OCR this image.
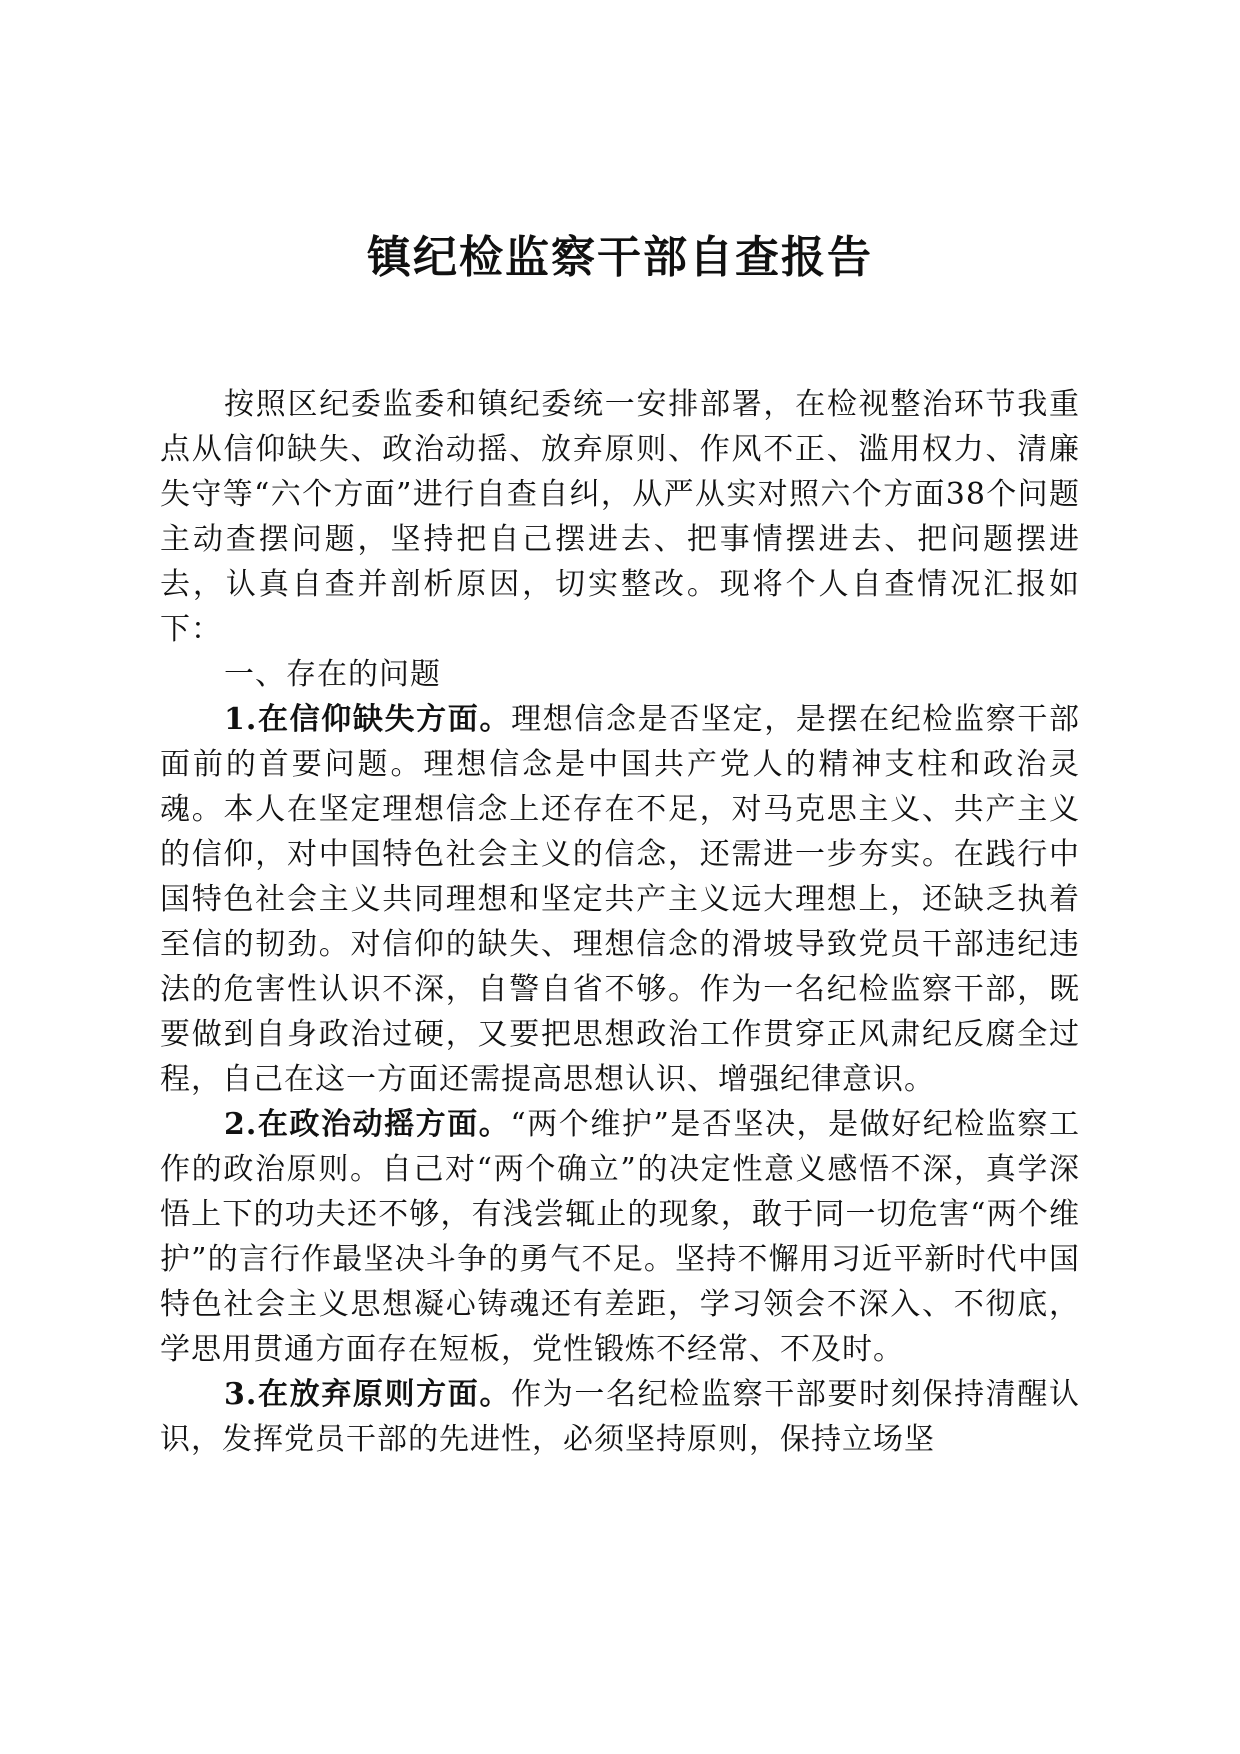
镇纪检监察干部自查报告

按照区纪委监委和镇纪委统一安排部署，在检视整治环节我重点从信仰缺失、政治动摇、放弃原则、作风不正、滥用权力、清廉失守等“六个方面”进行自查自纠，从严从实对照六个方面38个问题主动查摆问题，坚持把自己摆进去、把事情摆进去、把问题摆进去，认真自查并剖析原因，切实整改。现将个人自查情况汇报如下：

一、存在的问题

1.在信仰缺失方面。理想信念是否坚定，是摆在纪检监察干部面前的首要问题。理想信念是中国共产党人的精神支柱和政治灵魂。本人在坚定理想信念上还存在不足，对马克思主义、共产主义的信仰，对中国特色社会主义的信念，还需进一步夯实。在践行中国特色社会主义共同理想和坚定共产主义远大理想上，还缺乏执着至信的韧劲。对信仰的缺失、理想信念的滑坡导致党员干部违纪违法的危害性认识不深，自警自省不够。作为一名纪检监察干部，既要做到自身政治过硬，又要把思想政治工作贯穿正风肃纪反腐全过程，自己在这一方面还需提高思想认识、增强纪律意识。

2.在政治动摇方面。“两个维护”是否坚决，是做好纪检监察工作的政治原则。自己对“两个确立”的决定性意义感悟不深，真学深悟上下的功夫还不够，有浅尝辄止的现象，敢于同一切危害“两个维护”的言行作最坚决斗争的勇气不足。坚持不懈用习近平新时代中国特色社会主义思想凝心铸魂还有差距，学习领会不深入、不彻底，学思用贯通方面存在短板，党性锻炼不经常、不及时。

3.在放弃原则方面。作为一名纪检监察干部要时刻保持清醒认识，发挥党员干部的先进性，必须坚持原则，保持立场坚
